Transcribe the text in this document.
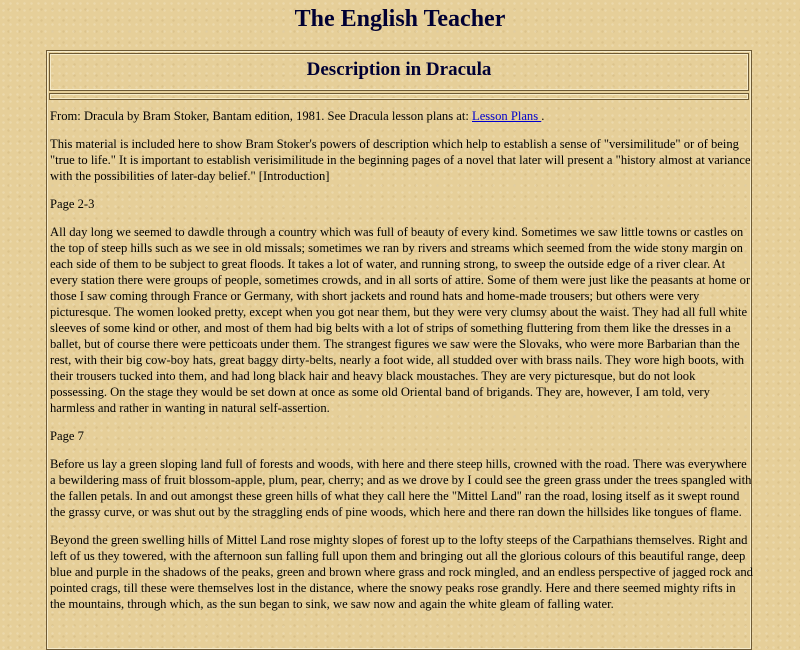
The English Teacher
Description in Dracula

From: Dracula by Bram Stoker, Bantam edition, 1981. See Dracula lesson plans at: Lesson Plans .

This material is included here to show Bram Stoker's powers of description which help to establish a sense of "versimilitude" or of being "true to life." It is important to establish verisimilitude in the beginning pages of a novel that later will present a "history almost at variance with the possibilities of later-day belief." [Introduction]

Page 2-3

All day long we seemed to dawdle through a country which was full of beauty of every kind. Sometimes we saw little towns or castles on the top of steep hills such as we see in old missals; sometimes we ran by rivers and streams which seemed from the wide stony margin on each side of them to be subject to great floods. It takes a lot of water, and running strong, to sweep the outside edge of a river clear. At every station there were groups of people, sometimes crowds, and in all sorts of attire. Some of them were just like the peasants at home or those I saw coming through France or Germany, with short jackets and round hats and home-made trousers; but others were very picturesque. The women looked pretty, except when you got near them, but they were very clumsy about the waist. They had all full white sleeves of some kind or other, and most of them had big belts with a lot of strips of something fluttering from them like the dresses in a ballet, but of course there were petticoats under them. The strangest figures we saw were the Slovaks, who were more Barbarian than the rest, with their big cow-boy hats, great baggy dirty-belts, nearly a foot wide, all studded over with brass nails. They wore high boots, with their trousers tucked into them, and had long black hair and heavy black moustaches. They are very picturesque, but do not look possessing. On the stage they would be set down at once as some old Oriental band of brigands. They are, however, I am told, very harmless and rather in wanting in natural self-assertion.

Page 7

Before us lay a green sloping land full of forests and woods, with here and there steep hills, crowned with the road. There was everywhere a bewildering mass of fruit blossom-apple, plum, pear, cherry; and as we drove by I could see the green grass under the trees spangled with the fallen petals. In and out amongst these green hills of what they call here the "Mittel Land" ran the road, losing itself as it swept round the grassy curve, or was shut out by the straggling ends of pine woods, which here and there ran down the hillsides like tongues of flame.

Beyond the green swelling hills of Mittel Land rose mighty slopes of forest up to the lofty steeps of the Carpathians themselves. Right and left of us they towered, with the afternoon sun falling full upon them and bringing out all the glorious colours of this beautiful range, deep blue and purple in the shadows of the peaks, green and brown where grass and rock mingled, and an endless perspective of jagged rock and pointed crags, till these were themselves lost in the distance, where the snowy peaks rose grandly. Here and there seemed mighty rifts in the mountains, through which, as the sun began to sink, we saw now and again the white gleam of falling water.
